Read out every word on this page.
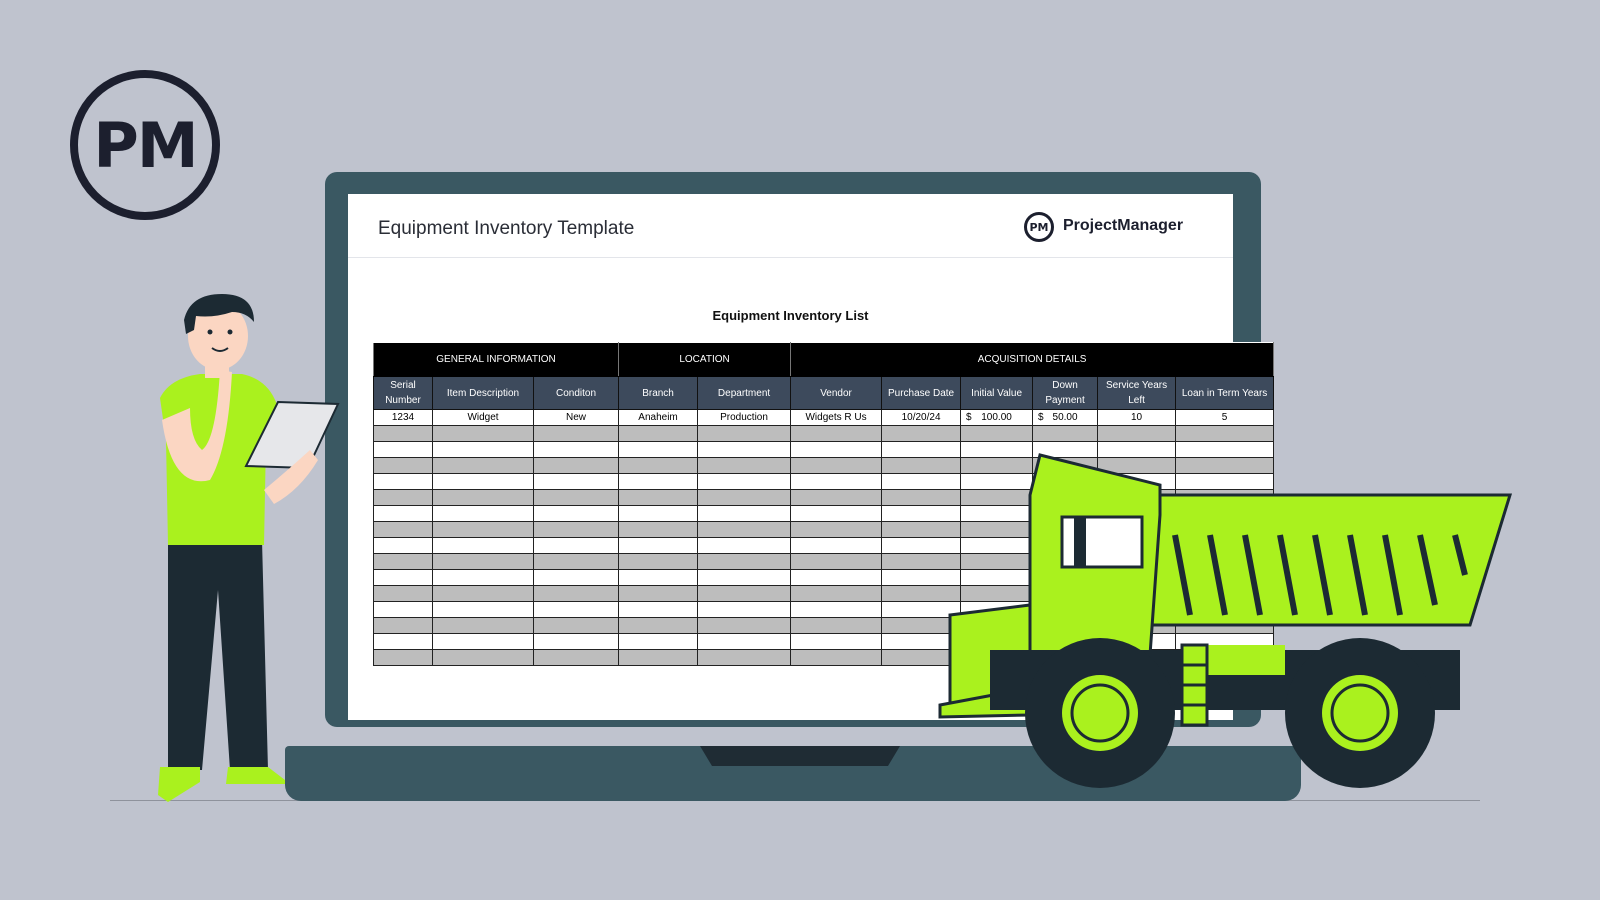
PM
Equipment Inventory Template	PM ProjectManager
Equipment Inventory List
GENERAL INFORMATION			LOCATION		ACQUISITION DETAILS					
Serial Number	Item Description	Conditon	Branch	Department	Vendor	Purchase Date	Initial Value	Down Payment	Service Years Left	Loan in Term Years
1234	Widget	New	Anaheim	Production	Widgets R Us	10/20/24	$ 100.00	$ 50.00	10	5
